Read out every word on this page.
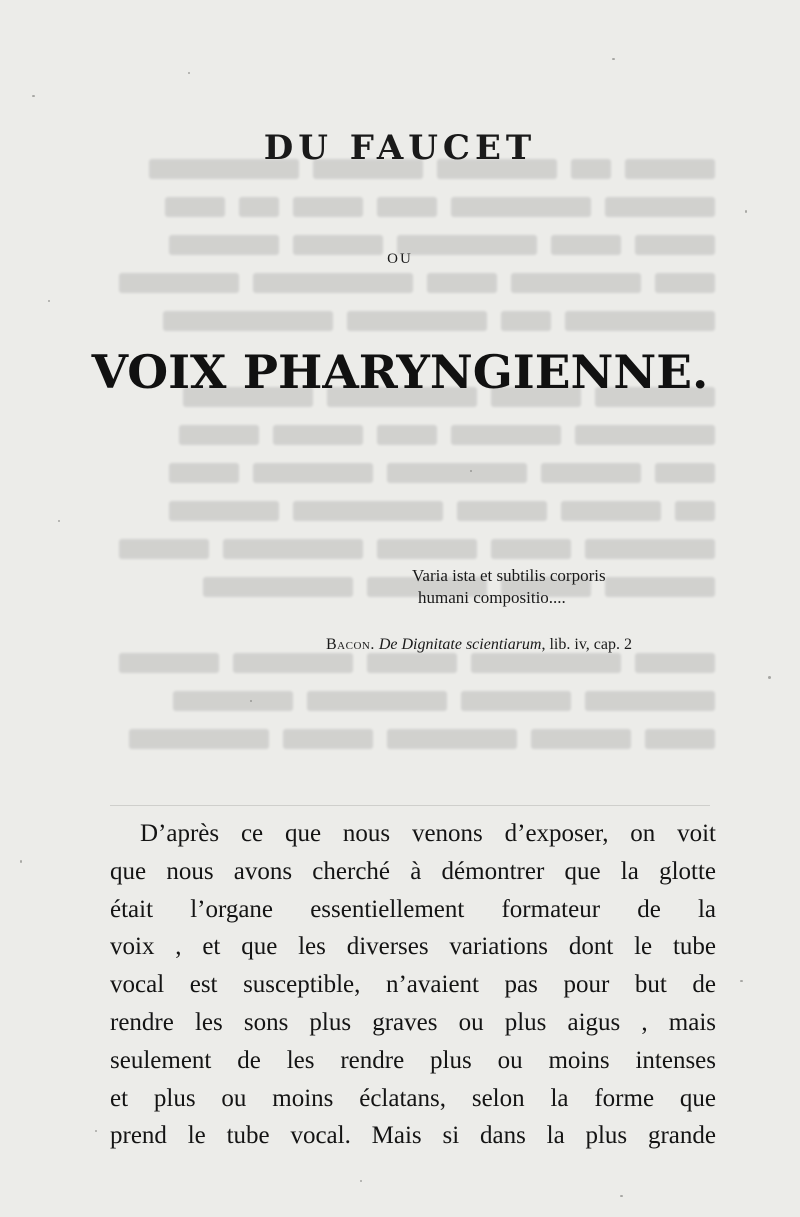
DU FAUCET
OU
VOIX PHARYNGIENNE.
Varia ista et subtilis corporis
humani compositio....
Bacon. De Dignitate scientiarum, lib. iv, cap. 2

D’après ce que nous venons d’exposer, on voit
que nous avons cherché à démontrer que la glotte
était l’organe essentiellement formateur de la
voix , et que les diverses variations dont le tube
vocal est susceptible, n’avaient pas pour but de
rendre les sons plus graves ou plus aigus , mais
seulement de les rendre plus ou moins intenses
et plus ou moins éclatans, selon la forme que
prend le tube vocal. Mais si dans la plus grande
